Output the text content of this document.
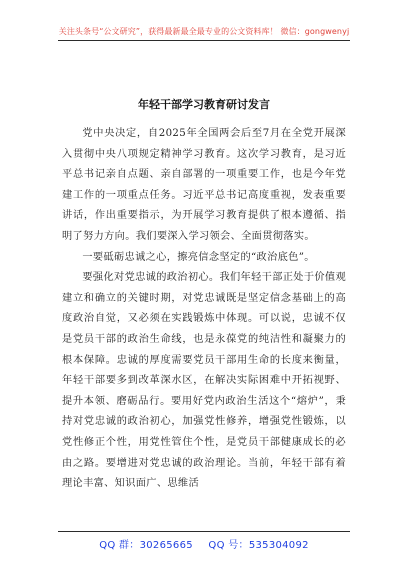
关注头条号“公文研究”，获得最新最全最专业的公文资料库！ 微信：gongwenyj
年轻干部学习教育研讨发言

党中央决定，自2025年全国两会后至7月在全党开展深入贯彻中央八项规定精神学习教育。这次学习教育，是习近平总书记亲自点题、亲自部署的一项重要工作，也是今年党建工作的一项重点任务。习近平总书记高度重视，发表重要讲话，作出重要指示，为开展学习教育提供了根本遵循、指明了努力方向。我们要深入学习领会、全面贯彻落实。

一要砥砺忠诚之心，擦亮信念坚定的“政治底色”。

要强化对党忠诚的政治初心。我们年轻干部正处于价值观建立和确立的关键时期，对党忠诚既是坚定信念基础上的高度政治自觉，又必须在实践锻炼中体现。可以说，忠诚不仅是党员干部的政治生命线，也是永葆党的纯洁性和凝聚力的根本保障。忠诚的厚度需要党员干部用生命的长度来衡量，年轻干部要多到改革深水区，在解决实际困难中开拓视野、提升本领、磨砺品行。要用好党内政治生活这个“熔炉”，秉持对党忠诚的政治初心，加强党性修养，增强党性锻炼，以党性修正个性，用党性管住个性，是党员干部健康成长的必由之路。要增进对党忠诚的政治理论。当前，年轻干部有着理论丰富、知识面广、思维活

QQ 群：30265665 QQ 号：535304092
